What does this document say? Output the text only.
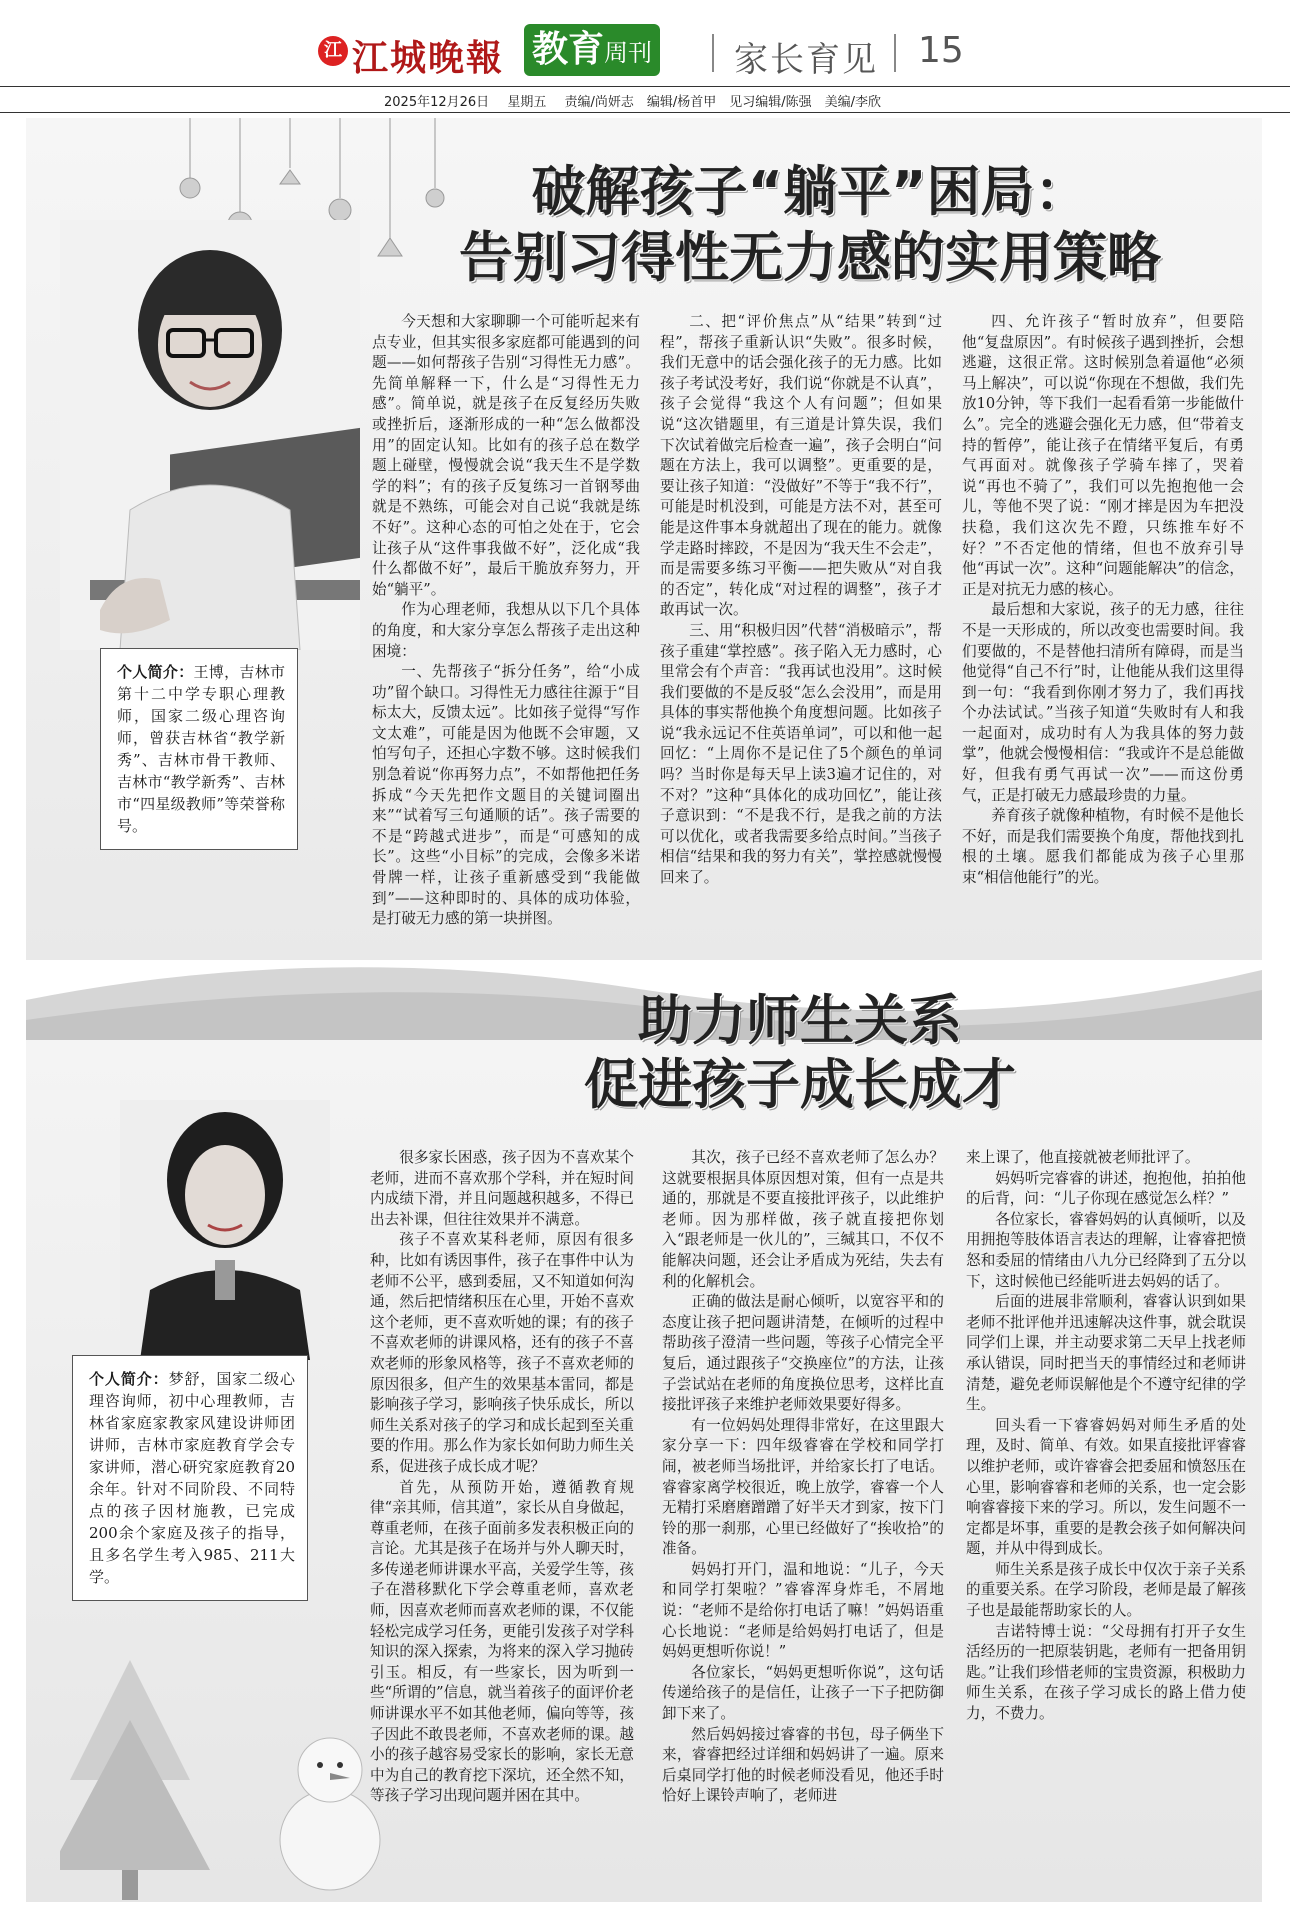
江 江城晚報 教育周刊 家长育见 15
2025年12月26日 星期五 责编/尚妍志　编辑/杨首甲　见习编辑/陈强　美编/李欣
破解孩子“躺平”困局：
告别习得性无力感的实用策略
个人简介：王博，吉林市第十二中学专职心理教师，国家二级心理咨询师，曾获吉林省“教学新秀”、吉林市骨干教师、吉林市“教学新秀”、吉林市“四星级教师”等荣誉称号。

今天想和大家聊聊一个可能听起来有点专业，但其实很多家庭都可能遇到的问题——如何帮孩子告别“习得性无力感”。先简单解释一下，什么是“习得性无力感”。简单说，就是孩子在反复经历失败或挫折后，逐渐形成的一种“怎么做都没用”的固定认知。比如有的孩子总在数学题上碰壁，慢慢就会说“我天生不是学数学的料”；有的孩子反复练习一首钢琴曲就是不熟练，可能会对自己说“我就是练不好”。这种心态的可怕之处在于，它会让孩子从“这件事我做不好”，泛化成“我什么都做不好”，最后干脆放弃努力，开始“躺平”。

作为心理老师，我想从以下几个具体的角度，和大家分享怎么帮孩子走出这种困境：

一、先帮孩子“拆分任务”，给“小成功”留个缺口。习得性无力感往往源于“目标太大，反馈太远”。比如孩子觉得“写作文太难”，可能是因为他既不会审题，又怕写句子，还担心字数不够。这时候我们别急着说“你再努力点”，不如帮他把任务拆成“今天先把作文题目的关键词圈出来”“试着写三句通顺的话”。孩子需要的不是“跨越式进步”，而是“可感知的成长”。这些“小目标”的完成，会像多米诺骨牌一样，让孩子重新感受到“我能做到”——这种即时的、具体的成功体验，是打破无力感的第一块拼图。

二、把“评价焦点”从“结果”转到“过程”，帮孩子重新认识“失败”。很多时候，我们无意中的话会强化孩子的无力感。比如孩子考试没考好，我们说“你就是不认真”，孩子会觉得“我这个人有问题”；但如果说“这次错题里，有三道是计算失误，我们下次试着做完后检查一遍”，孩子会明白“问题在方法上，我可以调整”。更重要的是，要让孩子知道：“没做好”不等于“我不行”，可能是时机没到，可能是方法不对，甚至可能是这件事本身就超出了现在的能力。就像学走路时摔跤，不是因为“我天生不会走”，而是需要多练习平衡——把失败从“对自我的否定”，转化成“对过程的调整”，孩子才敢再试一次。

三、用“积极归因”代替“消极暗示”，帮孩子重建“掌控感”。孩子陷入无力感时，心里常会有个声音：“我再试也没用”。这时候我们要做的不是反驳“怎么会没用”，而是用具体的事实帮他换个角度想问题。比如孩子说“我永远记不住英语单词”，可以和他一起回忆：“上周你不是记住了5个颜色的单词吗？当时你是每天早上读3遍才记住的，对不对？”这种“具体化的成功回忆”，能让孩子意识到：“不是我不行，是我之前的方法可以优化，或者我需要多给点时间。”当孩子相信“结果和我的努力有关”，掌控感就慢慢回来了。

四、允许孩子“暂时放弃”，但要陪他“复盘原因”。有时候孩子遇到挫折，会想逃避，这很正常。这时候别急着逼他“必须马上解决”，可以说“你现在不想做，我们先放10分钟，等下我们一起看看第一步能做什么”。完全的逃避会强化无力感，但“带着支持的暂停”，能让孩子在情绪平复后，有勇气再面对。就像孩子学骑车摔了，哭着说“再也不骑了”，我们可以先抱抱他一会儿，等他不哭了说：“刚才摔是因为车把没扶稳，我们这次先不蹬，只练推车好不好？”不否定他的情绪，但也不放弃引导他“再试一次”。这种“问题能解决”的信念，正是对抗无力感的核心。

最后想和大家说，孩子的无力感，往往不是一天形成的，所以改变也需要时间。我们要做的，不是替他扫清所有障碍，而是当他觉得“自己不行”时，让他能从我们这里得到一句：“我看到你刚才努力了，我们再找个办法试试。”当孩子知道“失败时有人和我一起面对，成功时有人为我具体的努力鼓掌”，他就会慢慢相信：“我或许不是总能做好，但我有勇气再试一次”——而这份勇气，正是打破无力感最珍贵的力量。

养育孩子就像种植物，有时候不是他长不好，而是我们需要换个角度，帮他找到扎根的土壤。愿我们都能成为孩子心里那束“相信他能行”的光。

助力师生关系
促进孩子成长成才
个人简介：梦舒，国家二级心理咨询师，初中心理教师，吉林省家庭家教家风建设讲师团讲师，吉林市家庭教育学会专家讲师，潜心研究家庭教育20余年。针对不同阶段、不同特点的孩子因材施教，已完成200余个家庭及孩子的指导，且多名学生考入985、211大学。

很多家长困惑，孩子因为不喜欢某个老师，进而不喜欢那个学科，并在短时间内成绩下滑，并且问题越积越多，不得已出去补课，但往往效果并不满意。

孩子不喜欢某科老师，原因有很多种，比如有诱因事件，孩子在事件中认为老师不公平，感到委屈，又不知道如何沟通，然后把情绪积压在心里，开始不喜欢这个老师，更不喜欢听她的课；有的孩子不喜欢老师的讲课风格，还有的孩子不喜欢老师的形象风格等，孩子不喜欢老师的原因很多，但产生的效果基本雷同，都是影响孩子学习，影响孩子快乐成长，所以师生关系对孩子的学习和成长起到至关重要的作用。那么作为家长如何助力师生关系，促进孩子成长成才呢？

首先，从预防开始，遵循教育规律“亲其师，信其道”，家长从自身做起，尊重老师，在孩子面前多发表积极正向的言论。尤其是孩子在场并与外人聊天时，多传递老师讲课水平高，关爱学生等，孩子在潜移默化下学会尊重老师，喜欢老师，因喜欢老师而喜欢老师的课，不仅能轻松完成学习任务，更能引发孩子对学科知识的深入探索，为将来的深入学习抛砖引玉。相反，有一些家长，因为听到一些“所谓的”信息，就当着孩子的面评价老师讲课水平不如其他老师，偏向等等，孩子因此不敢畏老师，不喜欢老师的课。越小的孩子越容易受家长的影响，家长无意中为自己的教育挖下深坑，还全然不知，等孩子学习出现问题并困在其中。

其次，孩子已经不喜欢老师了怎么办？这就要根据具体原因想对策，但有一点是共通的，那就是不要直接批评孩子，以此维护老师。因为那样做，孩子就直接把你划入“跟老师是一伙儿的”，三缄其口，不仅不能解决问题，还会让矛盾成为死结，失去有利的化解机会。

正确的做法是耐心倾听，以宽容平和的态度让孩子把问题讲清楚，在倾听的过程中帮助孩子澄清一些问题，等孩子心情完全平复后，通过跟孩子“交换座位”的方法，让孩子尝试站在老师的角度换位思考，这样比直接批评孩子来维护老师效果要好得多。

有一位妈妈处理得非常好，在这里跟大家分享一下：四年级睿睿在学校和同学打闹，被老师当场批评，并给家长打了电话。睿睿家离学校很近，晚上放学，睿睿一个人无精打采磨磨蹭蹭了好半天才到家，按下门铃的那一刹那，心里已经做好了“挨收拾”的准备。

妈妈打开门，温和地说：“儿子，今天和同学打架啦？”睿睿浑身炸毛，不屑地说：“老师不是给你打电话了嘛！”妈妈语重心长地说：“老师是给妈妈打电话了，但是妈妈更想听你说！”

各位家长，“妈妈更想听你说”，这句话传递给孩子的是信任，让孩子一下子把防御卸下来了。

然后妈妈接过睿睿的书包，母子俩坐下来，睿睿把经过详细和妈妈讲了一遍。原来后桌同学打他的时候老师没看见，他还手时恰好上课铃声响了，老师进

来上课了，他直接就被老师批评了。

妈妈听完睿睿的讲述，抱抱他，拍拍他的后背，问：“儿子你现在感觉怎么样？”

各位家长，睿睿妈妈的认真倾听，以及用拥抱等肢体语言表达的理解，让睿睿把愤怒和委屈的情绪由八九分已经降到了五分以下，这时候他已经能听进去妈妈的话了。

后面的进展非常顺利，睿睿认识到如果老师不批评他并迅速解决这件事，就会耽误同学们上课，并主动要求第二天早上找老师承认错误，同时把当天的事情经过和老师讲清楚，避免老师误解他是个不遵守纪律的学生。

回头看一下睿睿妈妈对师生矛盾的处理，及时、简单、有效。如果直接批评睿睿以维护老师，或许睿睿会把委屈和愤怒压在心里，影响睿睿和老师的关系，也一定会影响睿睿接下来的学习。所以，发生问题不一定都是坏事，重要的是教会孩子如何解决问题，并从中得到成长。

师生关系是孩子成长中仅次于亲子关系的重要关系。在学习阶段，老师是最了解孩子也是最能帮助家长的人。

吉诺特博士说：“父母拥有打开子女生活经历的一把原装钥匙，老师有一把备用钥匙。”让我们珍惜老师的宝贵资源，积极助力师生关系，在孩子学习成长的路上借力使力，不费力。
